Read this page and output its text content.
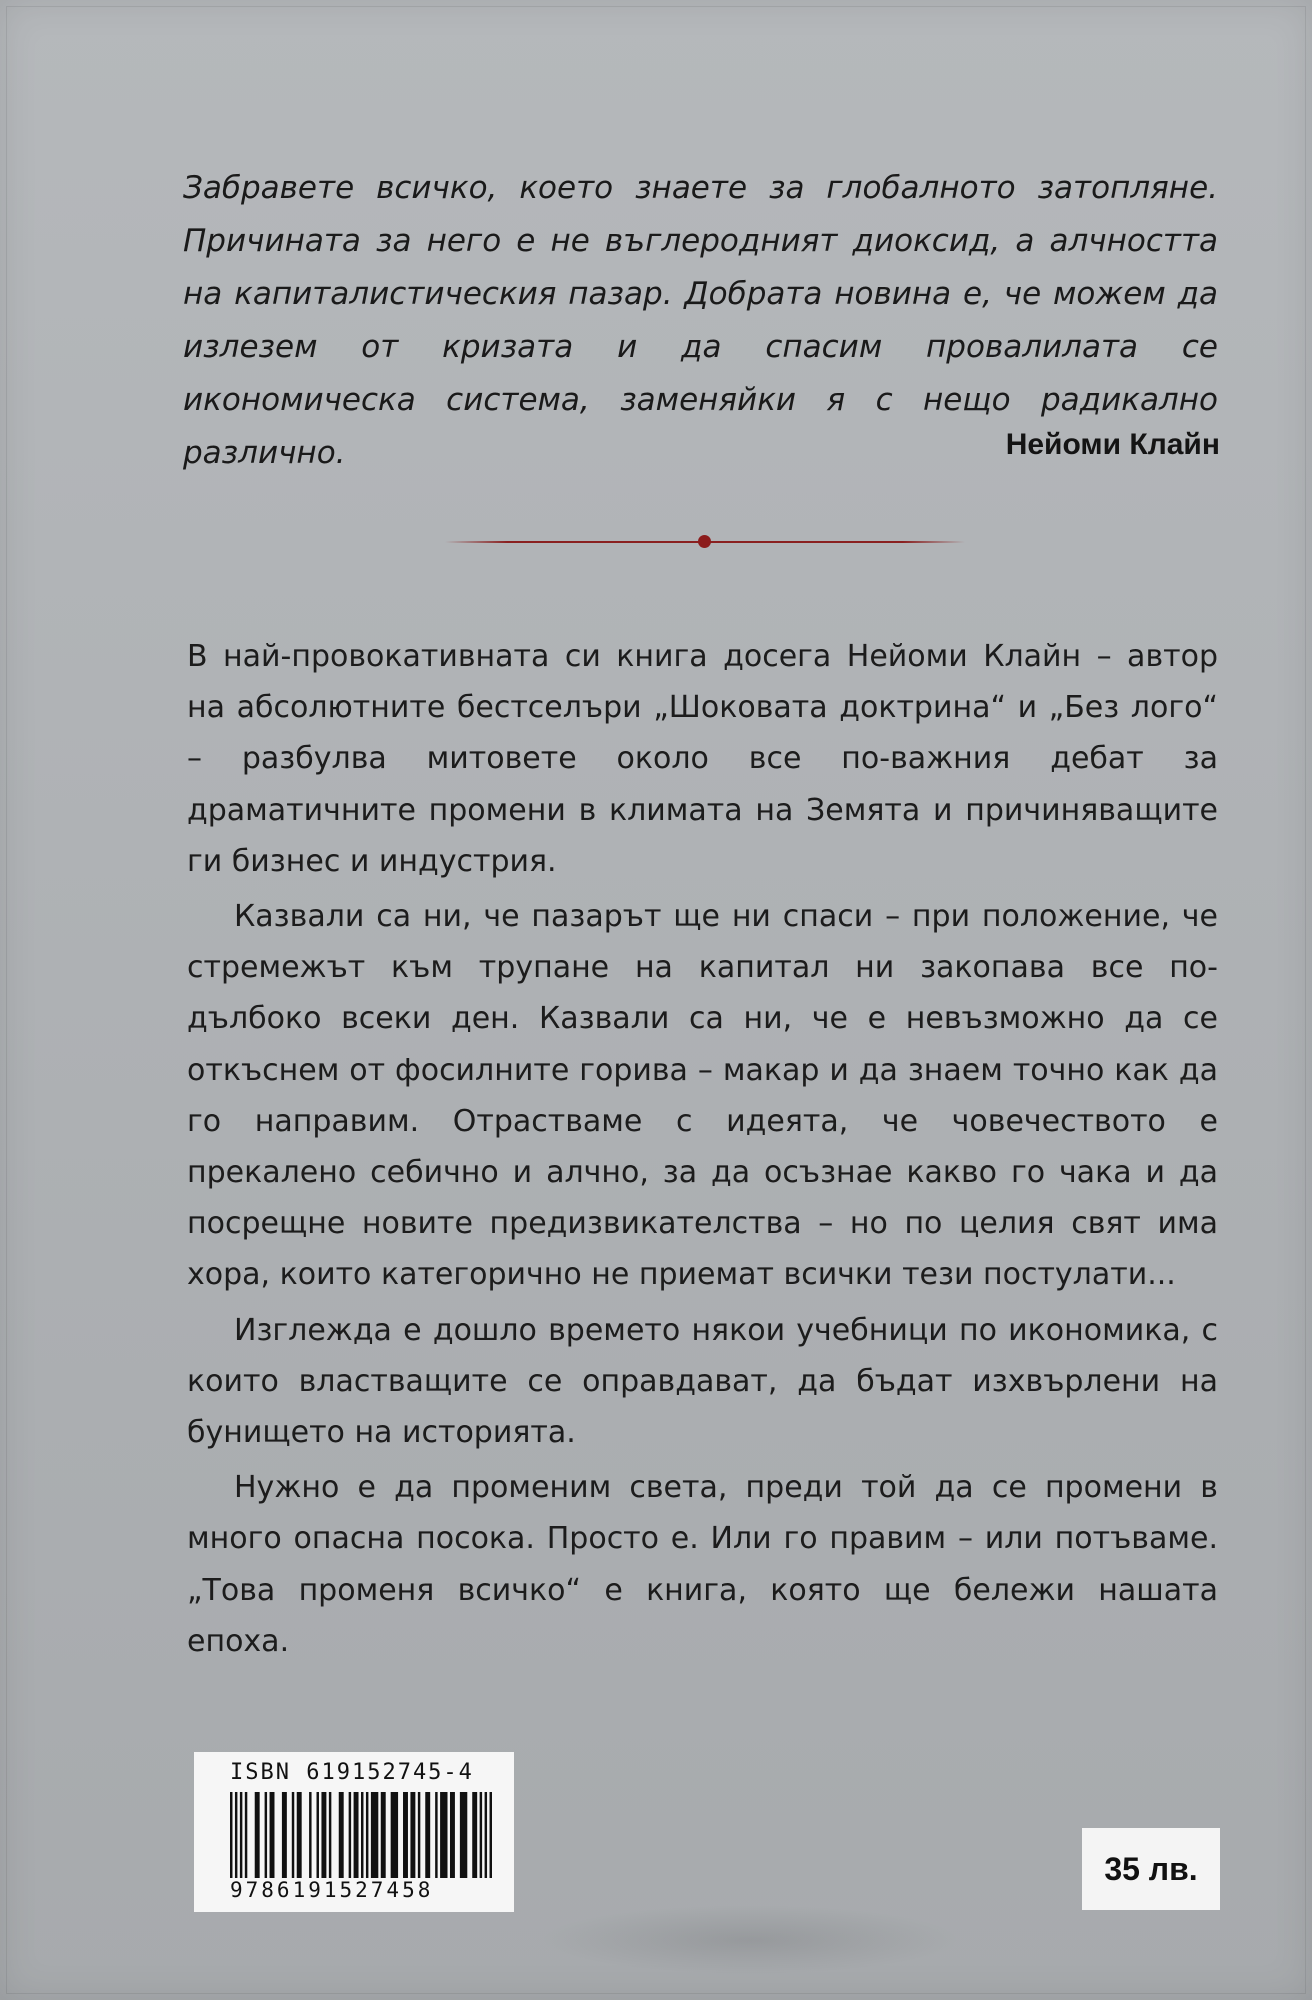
Забравете всичко, което знаете за глобалното затопляне. Причината за него е не въглеродният диоксид, а алчността на капиталистическия пазар. Добрата новина е, че можем да излезем от кризата и да спасим провалилата се икономическа система, заменяйки я с нещо радикално различно.	Нейоми Клайн

В най-провокативната си книга досега Нейоми Клайн – автор на абсолютните бестселъри „Шоковата доктрина“ и „Без лого“ – разбулва митовете около все по-важния дебат за драматичните промени в климата на Земята и причиняващите ги бизнес и индустрия.

Казвали са ни, че пазарът ще ни спаси – при положение, че стремежът към трупане на капитал ни закопава все по-дълбоко всеки ден. Казвали са ни, че е невъзможно да се откъснем от фосилните горива – макар и да знаем точно как да го направим. Отрастваме с идеята, че човечеството е прекалено себично и алчно, за да осъзнае какво го чака и да посрещне новите предизвикателства – но по целия свят има хора, които категорично не приемат всички тези постулати...

Изглежда е дошло времето някои учебници по икономика, с които властващите се оправдават, да бъдат изхвърлени на бунището на историята.

Нужно е да променим света, преди той да се промени в много опасна посока. Просто е. Или го правим – или потъваме. „Това променя всичко“ е книга, която ще бележи нашата епоха.

ISBN 619152745-4

9786191527458

35 лв.
